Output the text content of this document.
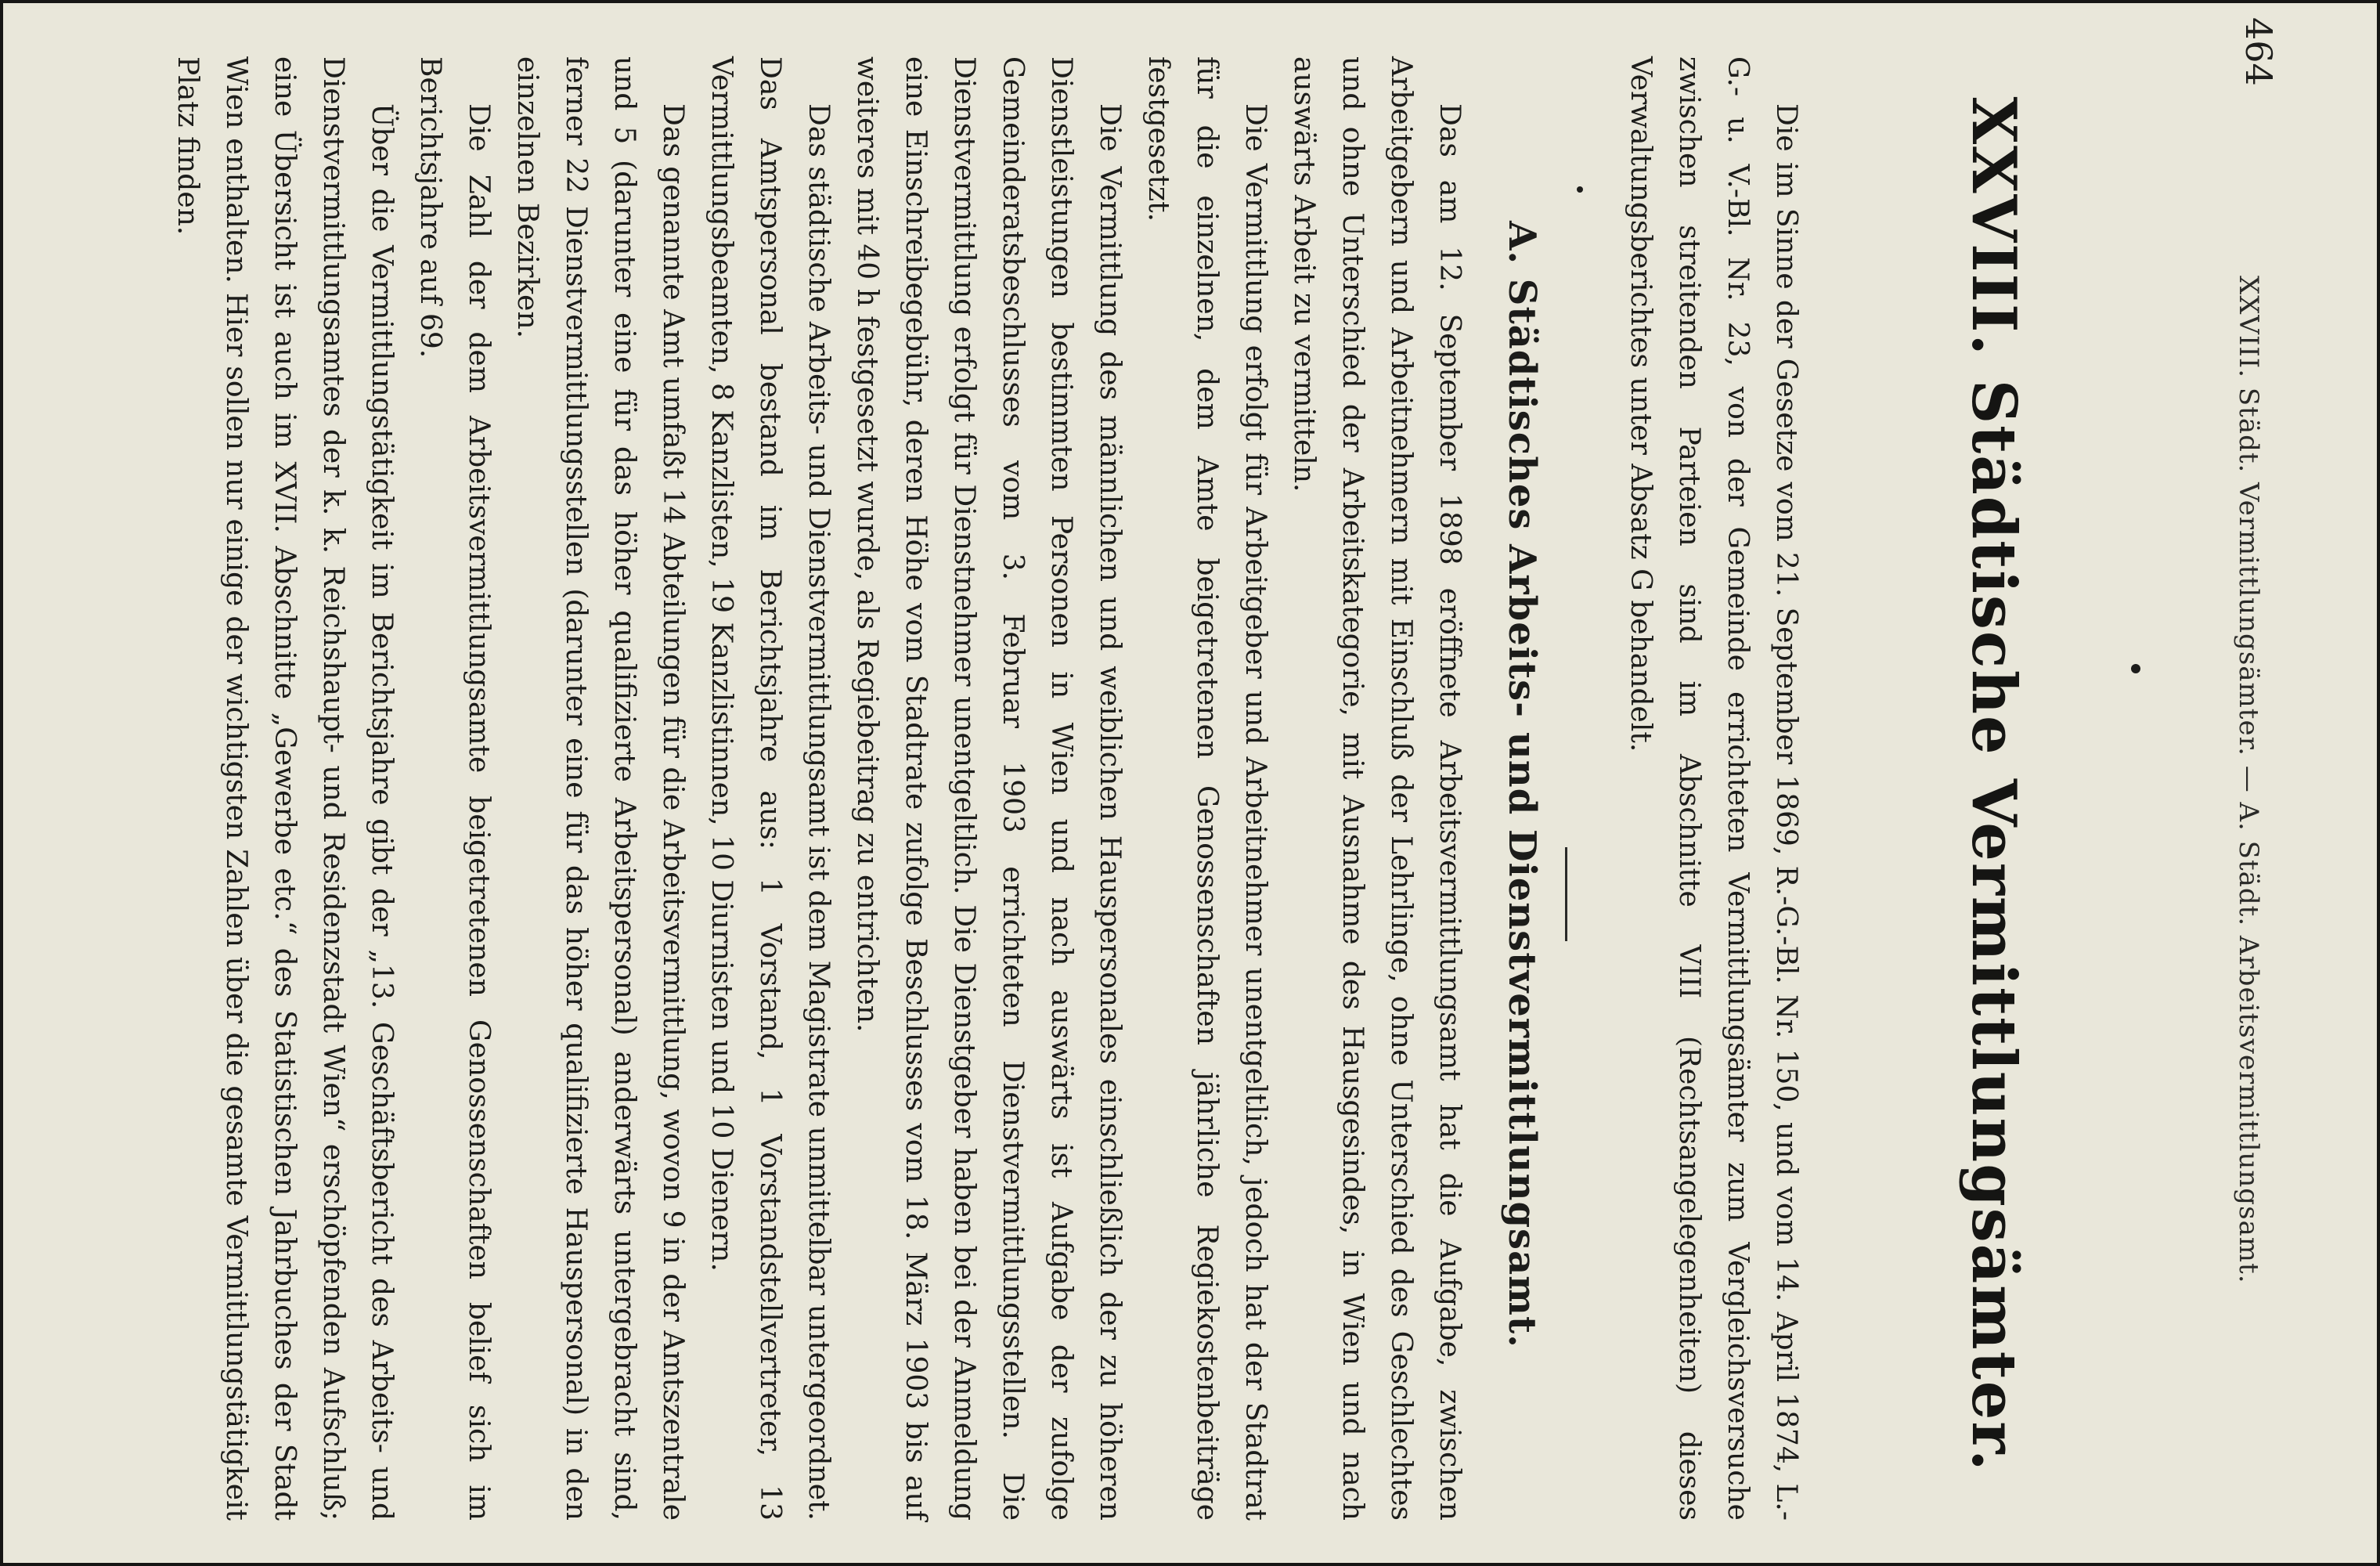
464
XXVIII. Städt. Vermittlungsämter. — A. Städt. Arbeitsvermittlungsamt.
XXVIII. Städtische Vermittlungsämter.

Die im Sinne der Gesetze vom 21. September 1869, R.-G.-Bl. Nr. 150, und vom 14. April 1874, L.-G.- u. V.-Bl. Nr. 23, von der Gemeinde errichteten Vermittlungsämter zum Vergleichsversuche zwischen streitenden Parteien sind im Abschnitte VIII (Rechtsangelegenheiten) dieses Verwaltungsberichtes unter Absatz G behandelt.

A. Städtisches Arbeits- und Dienstvermittlungsamt.

Das am 12. September 1898 eröffnete Arbeitsvermittlungsamt hat die Aufgabe, zwischen Arbeitgebern und Arbeitnehmern mit Einschluß der Lehrlinge, ohne Unterschied des Geschlechtes und ohne Unterschied der Arbeitskategorie, mit Ausnahme des Hausgesindes, in Wien und nach auswärts Arbeit zu vermitteln.

Die Vermittlung erfolgt für Arbeitgeber und Arbeitnehmer unentgeltlich, jedoch hat der Stadtrat für die einzelnen, dem Amte beigetretenen Genossenschaften jährliche Regiekostenbeiträge festgesetzt.

Die Vermittlung des männlichen und weiblichen Hauspersonales einschließlich der zu höheren Dienstleistungen bestimmten Personen in Wien und nach auswärts ist Aufgabe der zufolge Gemeinderatsbeschlusses vom 3. Februar 1903 errichteten Dienstvermittlungsstellen. Die Dienstvermittlung erfolgt für Dienstnehmer unentgeltlich. Die Dienstgeber haben bei der Anmeldung eine Einschreibegebühr, deren Höhe vom Stadtrate zufolge Beschlusses vom 18. März 1903 bis auf weiteres mit 40 h festgesetzt wurde, als Regiebeitrag zu entrichten.

Das städtische Arbeits- und Dienstvermittlungsamt ist dem Magistrate unmittelbar untergeordnet. Das Amtspersonal bestand im Berichtsjahre aus: 1 Vorstand, 1 Vorstandstellvertreter, 13 Vermittlungsbeamten, 8 Kanzlisten, 19 Kanzlistinnen, 10 Diurnisten und 10 Dienern.

Das genannte Amt umfaßt 14 Abteilungen für die Arbeitsvermittlung, wovon 9 in der Amtszentrale und 5 (darunter eine für das höher qualifizierte Arbeitspersonal) anderwärts untergebracht sind, ferner 22 Dienstvermittlungsstellen (darunter eine für das höher qualifizierte Hauspersonal) in den einzelnen Bezirken.

Die Zahl der dem Arbeitsvermittlungsamte beigetretenen Genossenschaften belief sich im Berichtsjahre auf 69.

Über die Vermittlungstätigkeit im Berichtsjahre gibt der „13. Geschäftsbericht des Arbeits- und Dienstvermittlungsamtes der k. k. Reichshaupt- und Residenzstadt Wien“ erschöpfenden Aufschluß; eine Übersicht ist auch im XVII. Abschnitte „Gewerbe etc.“ des Statistischen Jahrbuches der Stadt Wien enthalten. Hier sollen nur einige der wichtigsten Zahlen über die gesamte Vermittlungstätigkeit Platz finden.
